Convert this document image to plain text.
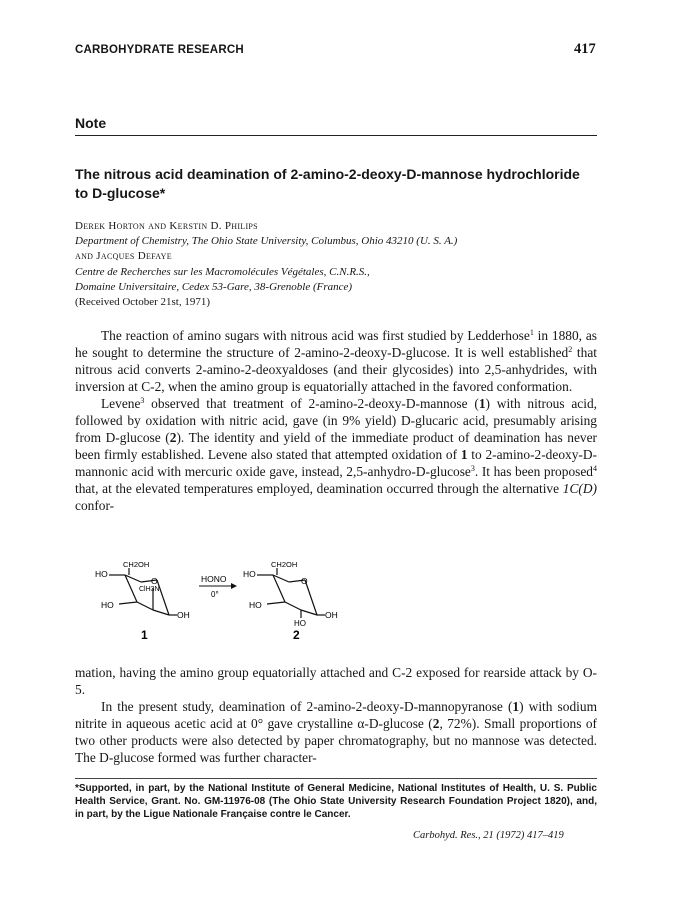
CARBOHYDRATE RESEARCH	417
Note
The nitrous acid deamination of 2-amino-2-deoxy-D-mannose hydrochloride to D-glucose*
Derek Horton and Kerstin D. Philips
Department of Chemistry, The Ohio State University, Columbus, Ohio 43210 (U. S. A.)
and Jacques Defaye
Centre de Recherches sur les Macromolécules Végétales, C.N.R.S.,
Domaine Universitaire, Cedex 53-Gare, 38-Grenoble (France)
(Received October 21st, 1971)

The reaction of amino sugars with nitrous acid was first studied by Ledderhose$^1$ in 1880, as he sought to determine the structure of 2-amino-2-deoxy-D-glucose. It is well established$^2$ that nitrous acid converts 2-amino-2-deoxyaldoses (and their glycosides) into 2,5-anhydrides, with inversion at C-2, when the amino group is equatorially attached in the favored conformation.

Levene$^3$ observed that treatment of 2-amino-2-deoxy-D-mannose (1) with nitrous acid, followed by oxidation with nitric acid, gave (in 9% yield) D-glucaric acid, presumably arising from D-glucose (2). The identity and yield of the immediate product of deamination has never been firmly established. Levene also stated that attempted oxidation of 1 to 2-amino-2-deoxy-D-mannonic acid with mercuric oxide gave, instead, 2,5-anhydro-D-glucose$^3$. It has been proposed$^4$ that, at the elevated temperatures employed, deamination occurred through the alternative 1C(D) confor-

HO
CH2OH
O
ClH3N
HO
OH
1
HONO
0°
HO
CH2OH
O
HO
HO
OH
2

mation, having the amino group equatorially attached and C-2 exposed for rearside attack by O-5.

In the present study, deamination of 2-amino-2-deoxy-D-mannopyranose (1) with sodium nitrite in aqueous acetic acid at 0° gave crystalline α-D-glucose (2, 72%). Small proportions of two other products were also detected by paper chromatography, but no mannose was detected. The D-glucose formed was further character-

*Supported, in part, by the National Institute of General Medicine, National Institutes of Health, U. S. Public Health Service, Grant. No. GM-11976-08 (The Ohio State University Research Foundation Project 1820), and, in part, by the Ligue Nationale Française contre le Cancer.
Carbohyd. Res., 21 (1972) 417–419
